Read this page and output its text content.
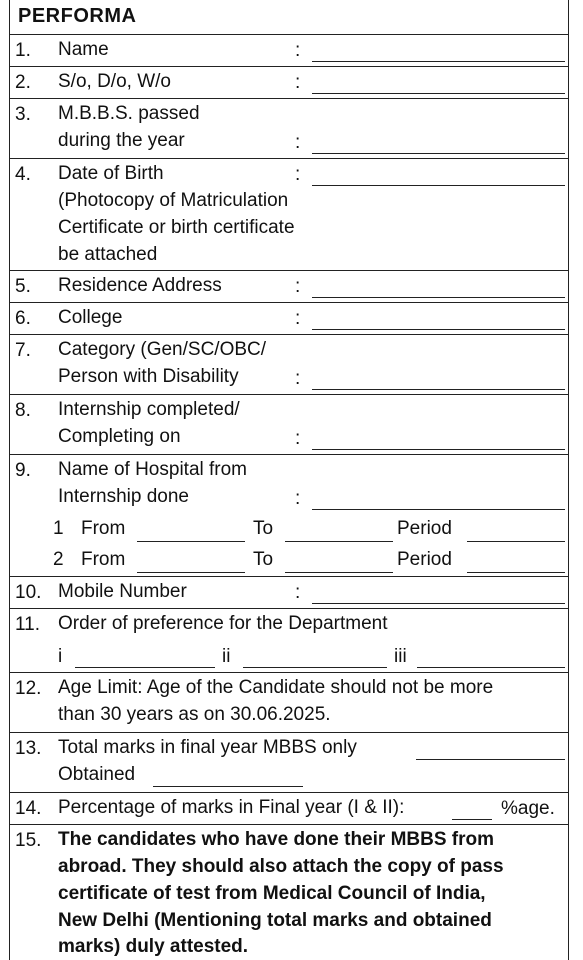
PERFORMA
1. Name	:
2. S/o, D/o, W/o	:
3. M.B.B.S. passed
during the year	:
4. Date of Birth
(Photocopy of Matriculation
Certificate or birth certificate
be attached
:
5. Residence Address	:
6. College	:
7. Category (Gen/SC/OBC/
Person with Disability	:
8. Internship completed/
Completing on	:
9. Name of Hospital from
Internship done	:
1 From	To	Period
2 From	To	Period
10. Mobile Number	:
11. Order of preference for the Department
i	ii	iii
12. Age Limit: Age of the Candidate should not be more
than 30 years as on 30.06.2025.
13. Total marks in final year MBBS only
Obtained
14. Percentage of marks in Final year (I & II):	%age.
15. The candidates who have done their MBBS from
abroad. They should also attach the copy of pass
certificate of test from Medical Council of India,
New Delhi (Mentioning total marks and obtained
marks) duly attested.
